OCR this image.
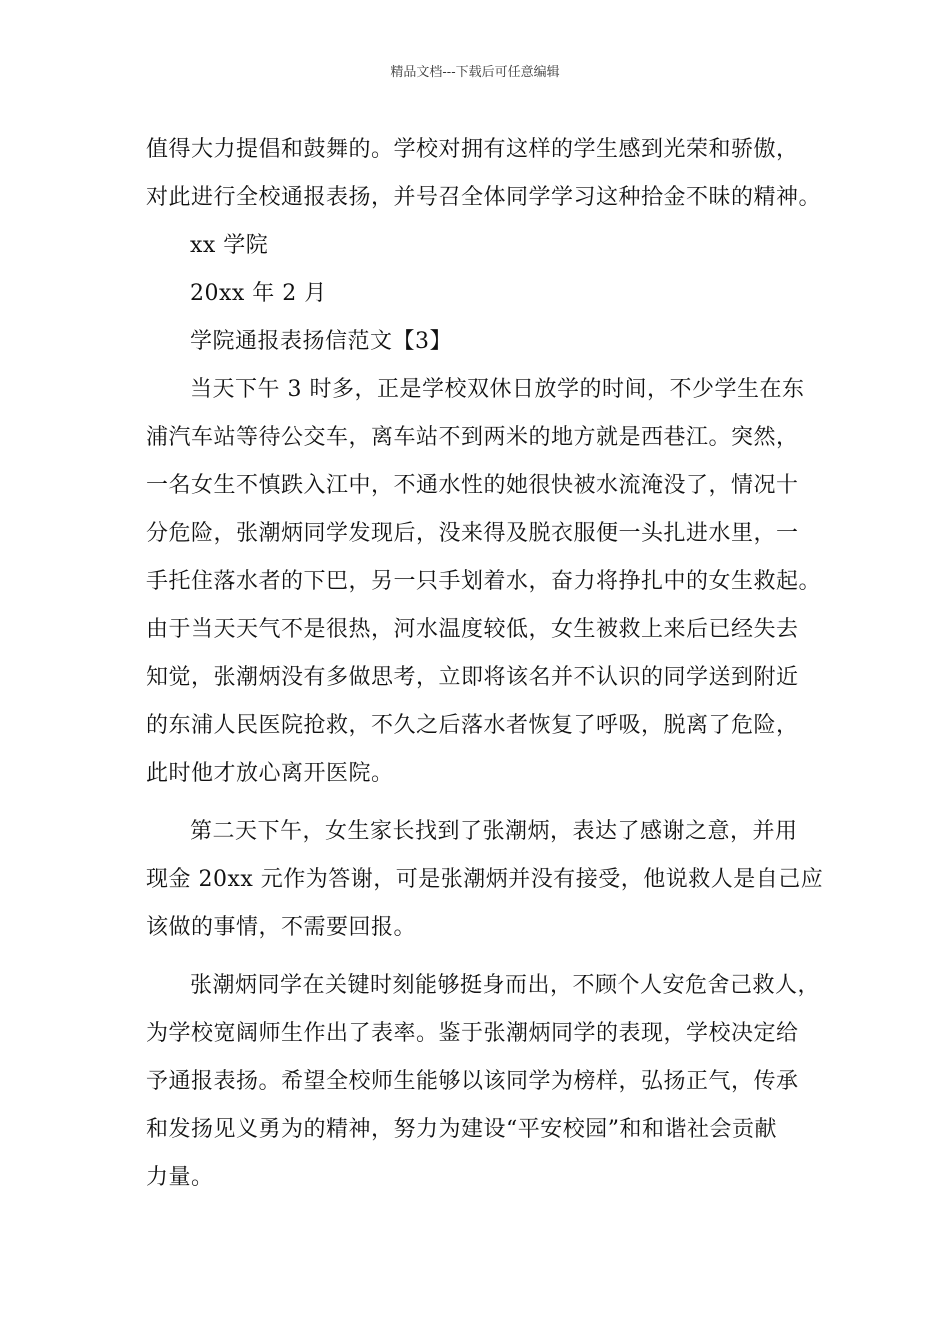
精品文档---下载后可任意编辑
值得大力提倡和鼓舞的。学校对拥有这样的学生感到光荣和骄傲，
对此进行全校通报表扬，并号召全体同学学习这种拾金不昧的精神。
xx 学院
20xx 年 2 月
学院通报表扬信范文【3】
当天下午 3 时多，正是学校双休日放学的时间，不少学生在东
浦汽车站等待公交车，离车站不到两米的地方就是西巷江。突然，
一名女生不慎跌入江中，不通水性的她很快被水流淹没了，情况十
分危险，张潮炳同学发现后，没来得及脱衣服便一头扎进水里，一
手托住落水者的下巴，另一只手划着水，奋力将挣扎中的女生救起。
由于当天天气不是很热，河水温度较低，女生被救上来后已经失去
知觉，张潮炳没有多做思考，立即将该名并不认识的同学送到附近
的东浦人民医院抢救，不久之后落水者恢复了呼吸，脱离了危险，
此时他才放心离开医院。
第二天下午，女生家长找到了张潮炳，表达了感谢之意，并用
现金 20xx 元作为答谢，可是张潮炳并没有接受，他说救人是自己应
该做的事情，不需要回报。
张潮炳同学在关键时刻能够挺身而出，不顾个人安危舍己救人，
为学校宽阔师生作出了表率。鉴于张潮炳同学的表现，学校决定给
予通报表扬。希望全校师生能够以该同学为榜样，弘扬正气，传承
和发扬见义勇为的精神，努力为建设“平安校园”和和谐社会贡献
力量。
